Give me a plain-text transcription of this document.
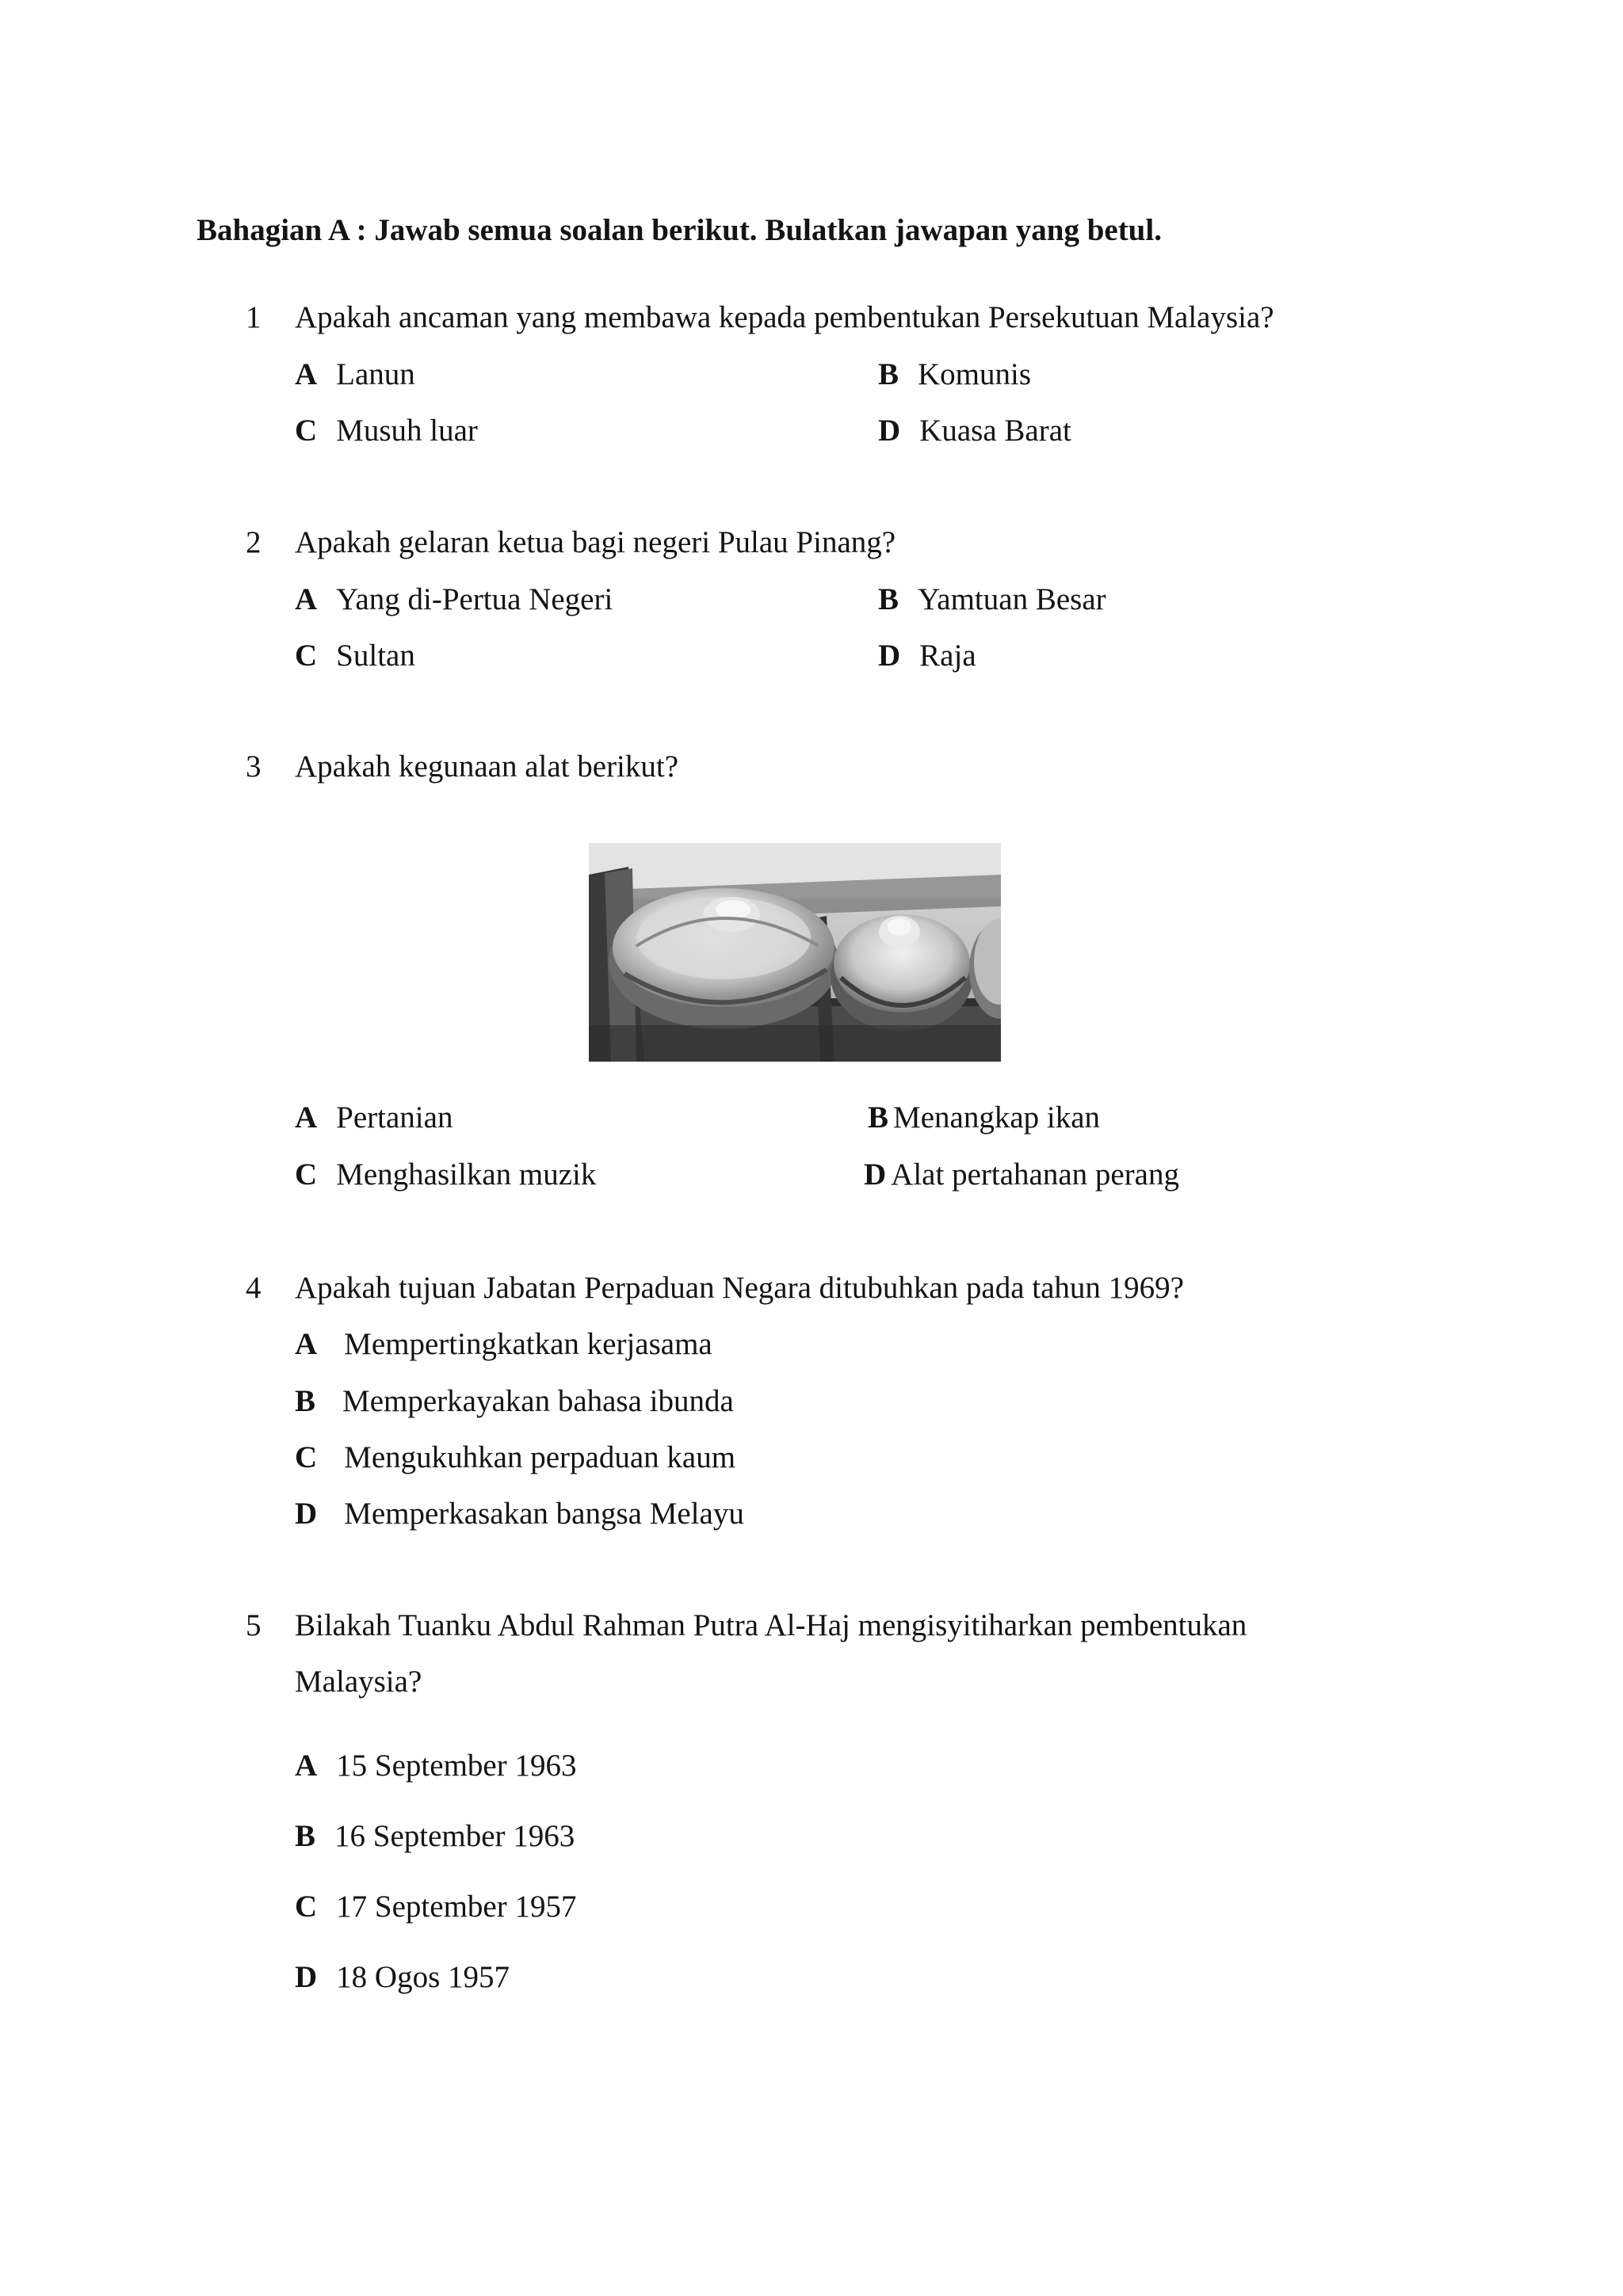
Bahagian A : Jawab semua soalan berikut. Bulatkan jawapan yang betul.
1 Apakah ancaman yang membawa kepada pembentukan Persekutuan Malaysia?
A Lanun	B Komunis
C Musuh luar	D Kuasa Barat
2 Apakah gelaran ketua bagi negeri Pulau Pinang?
A Yang di-Pertua Negeri	B Yamtuan Besar
C Sultan	D Raja
3 Apakah kegunaan alat berikut?
A Pertanian	B Menangkap ikan
C Menghasilkan muzik	D Alat pertahanan perang
4 Apakah tujuan Jabatan Perpaduan Negara ditubuhkan pada tahun 1969?
A Mempertingkatkan kerjasama
B Memperkayakan bahasa ibunda
C Mengukuhkan perpaduan kaum
D Memperkasakan bangsa Melayu
5 Bilakah Tuanku Abdul Rahman Putra Al-Haj mengisyitiharkan pembentukan
Malaysia?
A 15 September 1963
B 16 September 1963
C 17 September 1957
D 18 Ogos 1957
